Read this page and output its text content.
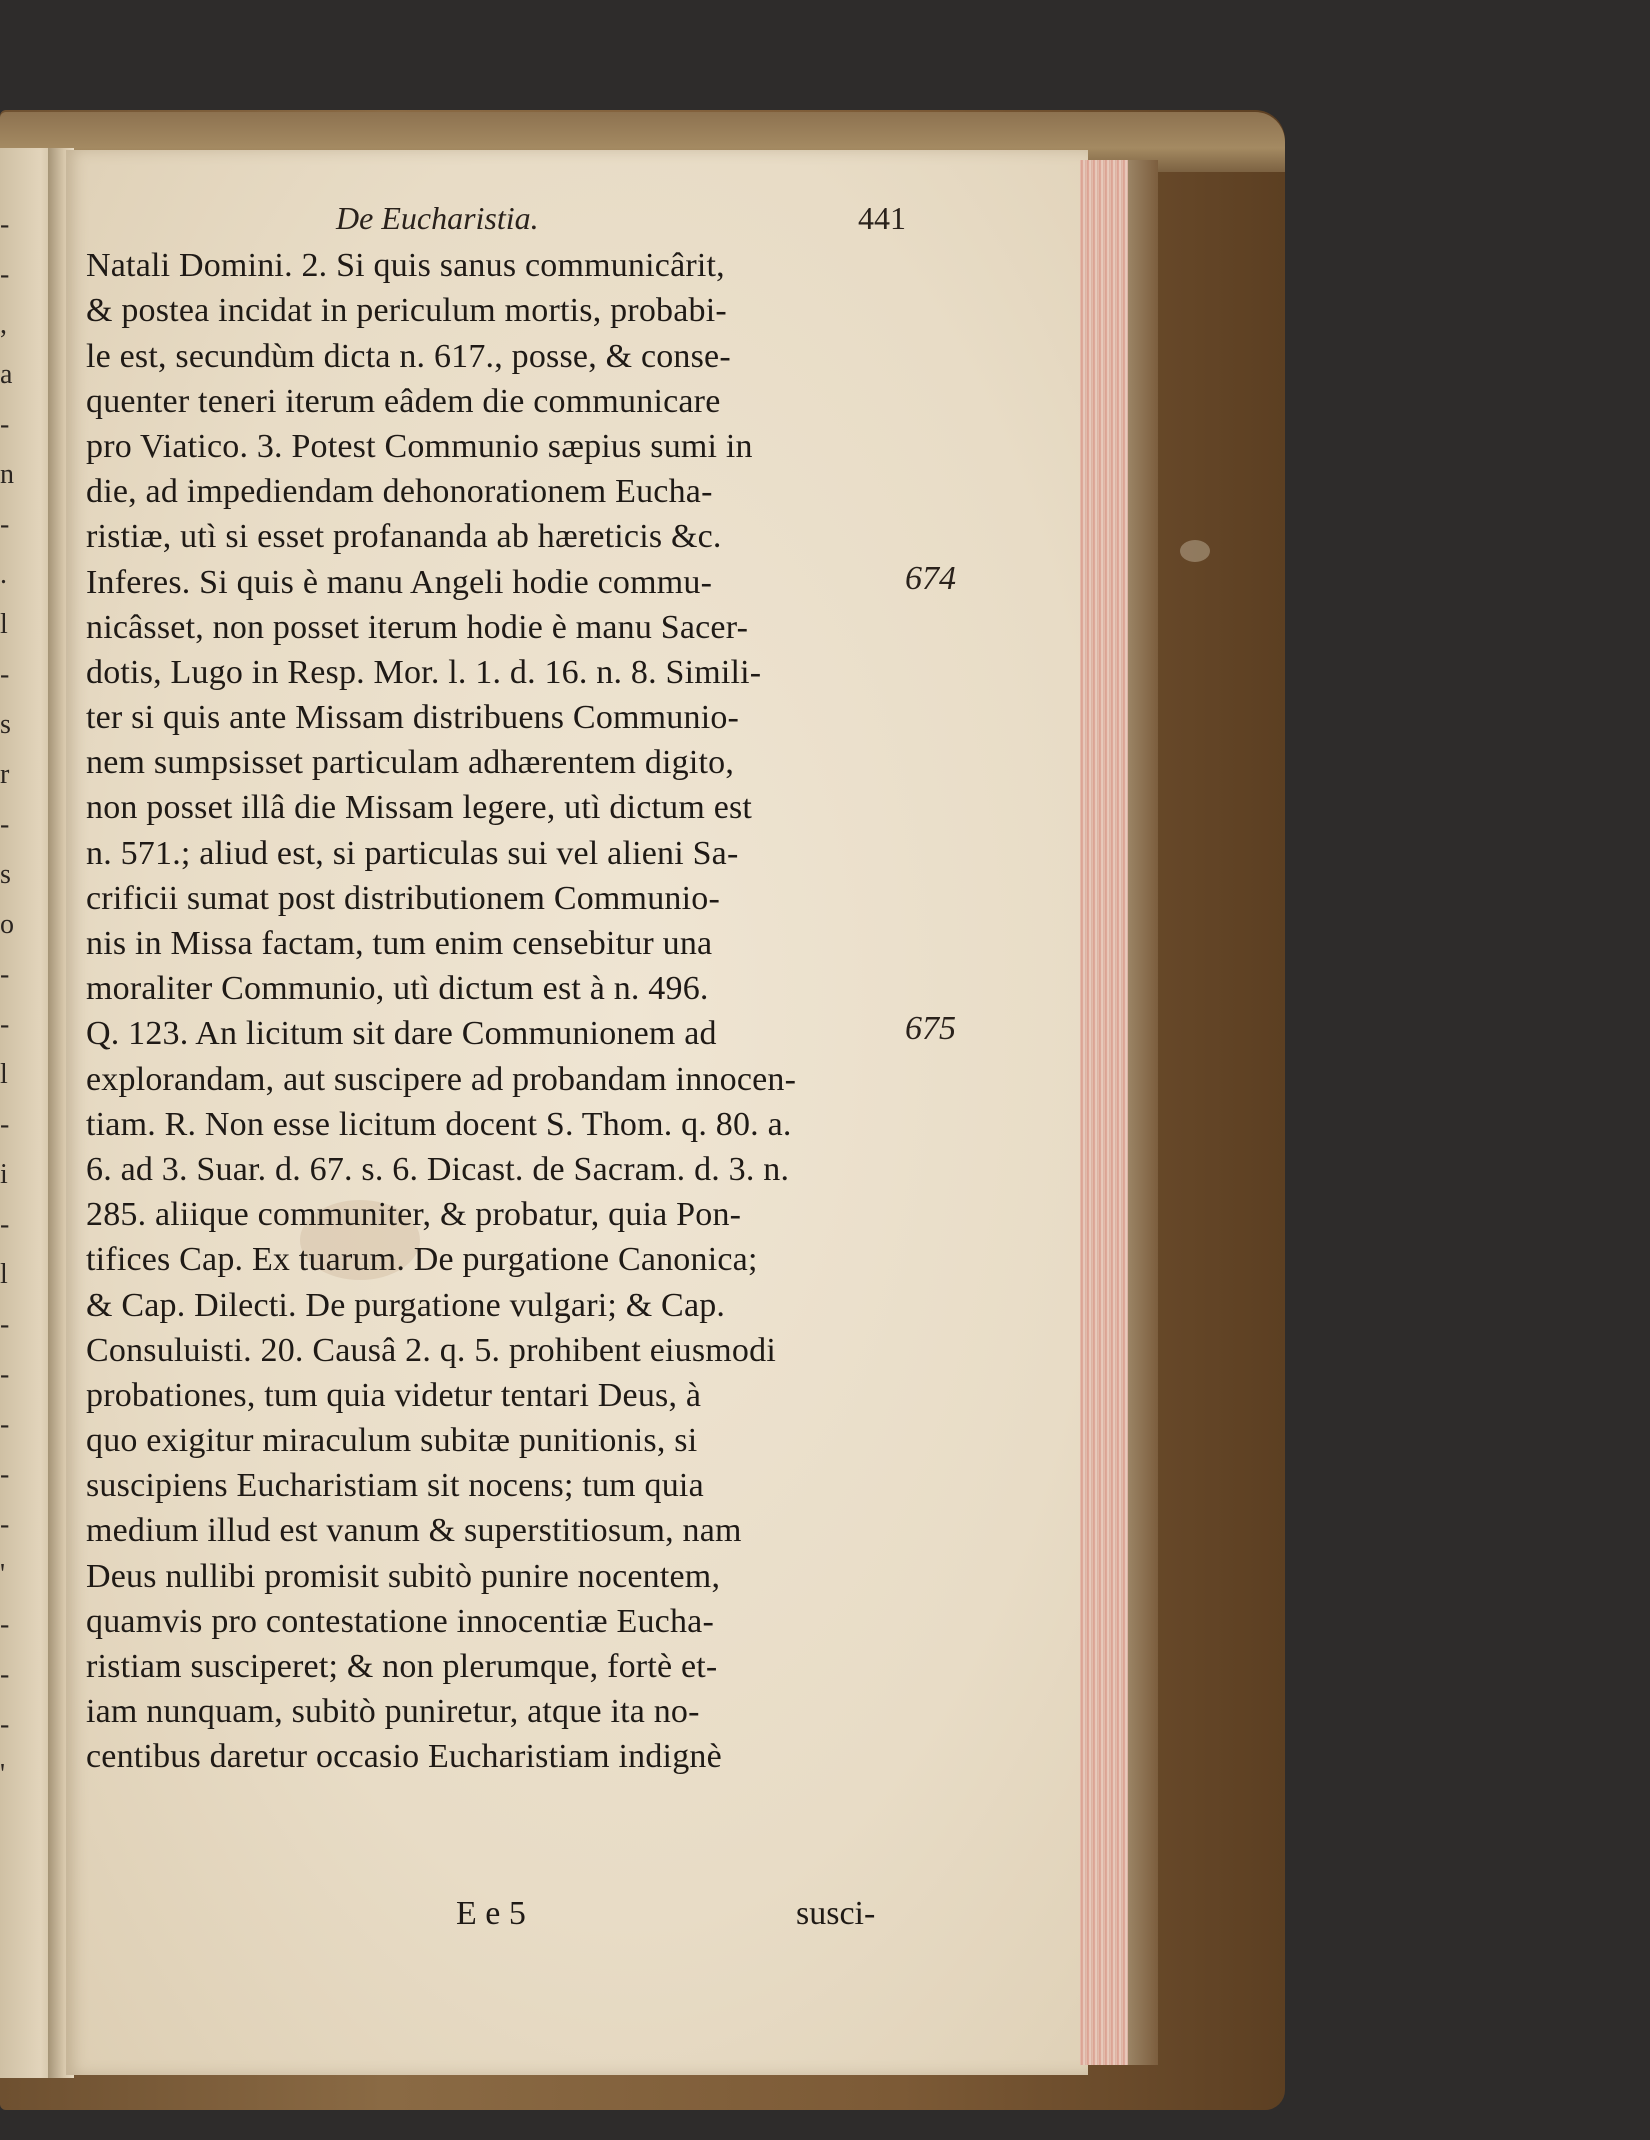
-
-
,
a
-
n
-
.
l
-
s
r
-
s
o
-
-
l
-
i
-
l
-
-
-
-
-
'
-
-
-
'
De Eucharistia.	441
Natali Domini. 2. Si quis sanus communicârit,
& postea incidat in periculum mortis, probabi-
le est, secundùm dicta n. 617., posse, & conse-
quenter teneri iterum eâdem die communicare
pro Viatico. 3. Potest Communio sæpius sumi in
die, ad impediendam dehonorationem Eucha-
ristiæ, utì si esset profananda ab hæreticis &c.
Inferes. Si quis è manu Angeli hodie commu-
nicâsset, non posset iterum hodie è manu Sacer-
dotis, Lugo in Resp. Mor. l. 1. d. 16. n. 8. Simili-
ter si quis ante Missam distribuens Communio-
nem sumpsisset particulam adhærentem digito,
non posset illâ die Missam legere, utì dictum est
n. 571.; aliud est, si particulas sui vel alieni Sa-
crificii sumat post distributionem Communio-
nis in Missa factam, tum enim censebitur una
moraliter Communio, utì dictum est à n. 496.
Q. 123. An licitum sit dare Communionem ad
explorandam, aut suscipere ad probandam innocen-
tiam. R. Non esse licitum docent S. Thom. q. 80. a.
6. ad 3. Suar. d. 67. s. 6. Dicast. de Sacram. d. 3. n.
285. aliique communiter, & probatur, quia Pon-
tifices Cap. Ex tuarum. De purgatione Canonica;
& Cap. Dilecti. De purgatione vulgari; & Cap.
Consuluisti. 20. Causâ 2. q. 5. prohibent eiusmodi
probationes, tum quia videtur tentari Deus, à
quo exigitur miraculum subitæ punitionis, si
suscipiens Eucharistiam sit nocens; tum quia
medium illud est vanum & superstitiosum, nam
Deus nullibi promisit subitò punire nocentem,
quamvis pro contestatione innocentiæ Eucha-
ristiam susciperet; & non plerumque, fortè et-
iam nunquam, subitò puniretur, atque ita no-
centibus daretur occasio Eucharistiam indignè
674
675
E e 5	susci-
